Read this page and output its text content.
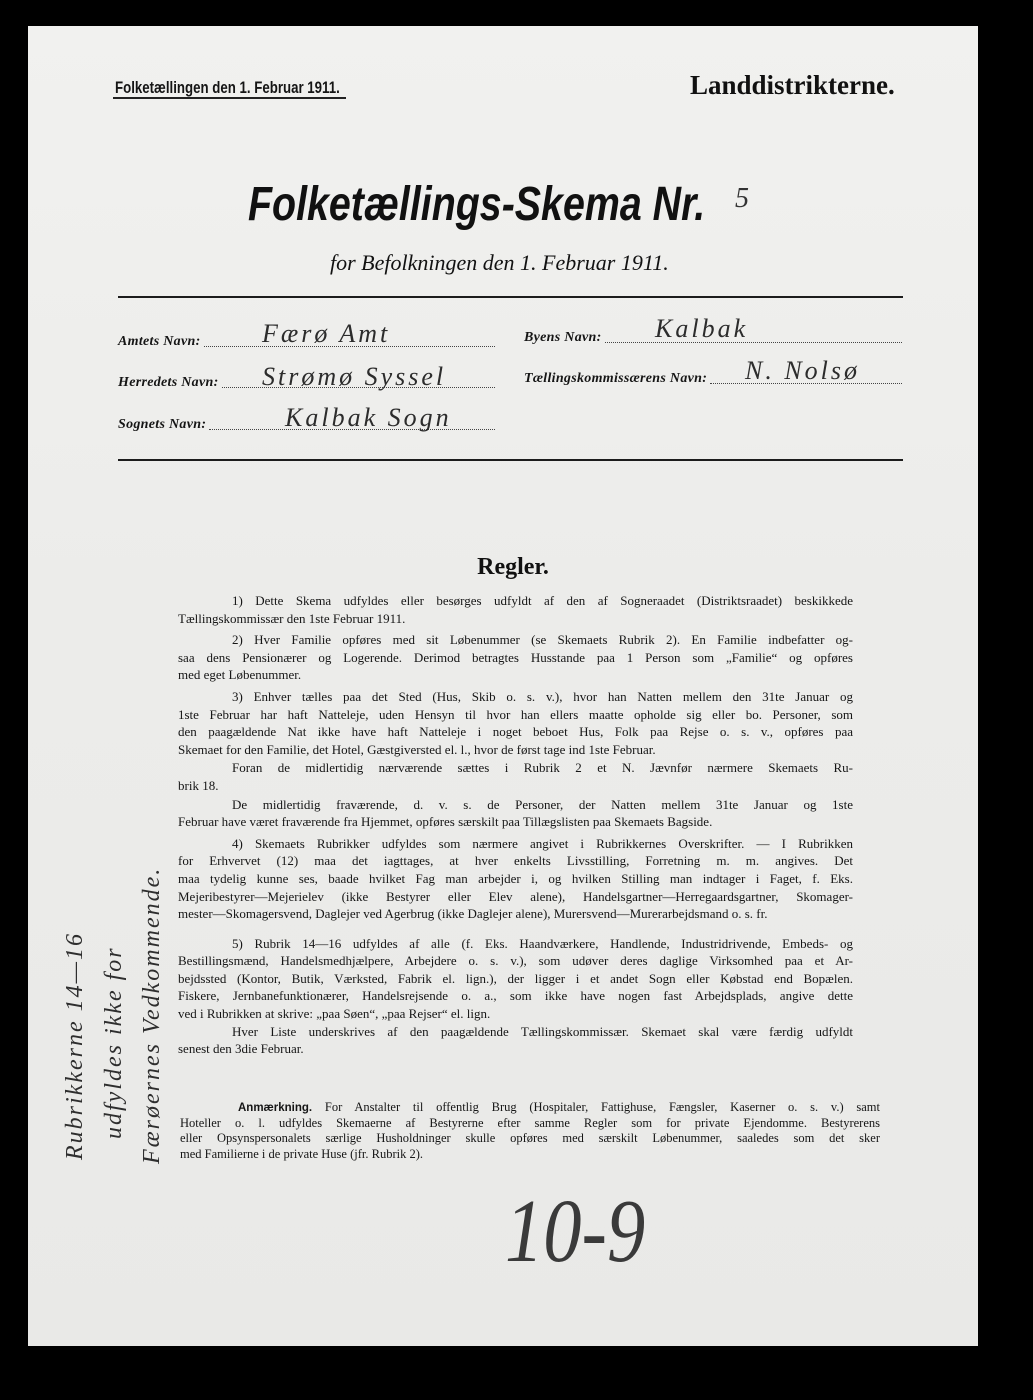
Folketællingen den 1. Februar 1911.	Landdistrikterne.
Folketællings-Skema Nr. 5
for Befolkningen den 1. Februar 1911.
Amtets Navn: Færø Amt
Herredets Navn: Strømø Syssel
Sognets Navn:	Kalbak Sogn
Byens Navn: Kalbak
Tællingskommissærens Navn: N. Nolsø
Regler.
1) Dette Skema udfyldes eller besørges udfyldt af den af Sogneraadet (Distriktsraadet) beskikkede
Tællingskommissær den 1ste Februar 1911.
2) Hver Familie opføres med sit Løbenummer (se Skemaets Rubrik 2). En Familie indbefatter og-
saa dens Pensionærer og Logerende. Derimod betragtes Husstande paa 1 Person som „Familie“ og opføres
med eget Løbenummer.
3) Enhver tælles paa det Sted (Hus, Skib o. s. v.), hvor han Natten mellem den 31te Januar og
1ste Februar har haft Natteleje, uden Hensyn til hvor han ellers maatte opholde sig eller bo. Personer, som
den paagældende Nat ikke have haft Natteleje i noget beboet Hus, Folk paa Rejse o. s. v., opføres paa
Skemaet for den Familie, det Hotel, Gæstgiversted el. l., hvor de først tage ind 1ste Februar.
Foran de midlertidig nærværende sættes i Rubrik 2 et N. Jævnfør nærmere Skemaets Ru-
brik 18.
De midlertidig fraværende, d. v. s. de Personer, der Natten mellem 31te Januar og 1ste
Februar have været fraværende fra Hjemmet, opføres særskilt paa Tillægslisten paa Skemaets Bagside.
4) Skemaets Rubrikker udfyldes som nærmere angivet i Rubrikkernes Overskrifter. — I Rubrikken
for Erhvervet (12) maa det iagttages, at hver enkelts Livsstilling, Forretning m. m. angives. Det
maa tydelig kunne ses, baade hvilket Fag man arbejder i, og hvilken Stilling man indtager i Faget, f. Eks.
Mejeribestyrer—Mejerielev (ikke Bestyrer eller Elev alene), Handelsgartner—Herregaardsgartner, Skomager-
mester—Skomagersvend, Daglejer ved Agerbrug (ikke Daglejer alene), Murersvend—Murerarbejdsmand o. s. fr.
5) Rubrik 14—16 udfyldes af alle (f. Eks. Haandværkere, Handlende, Industridrivende, Embeds- og
Bestillingsmænd, Handelsmedhjælpere, Arbejdere o. s. v.), som udøver deres daglige Virksomhed paa et Ar-
bejdssted (Kontor, Butik, Værksted, Fabrik el. lign.), der ligger i et andet Sogn eller Købstad end Bopælen.
Fiskere, Jernbanefunktionærer, Handelsrejsende o. a., som ikke have nogen fast Arbejdsplads, angive dette
ved i Rubrikken at skrive: „paa Søen“, „paa Rejser“ el. lign.
Hver Liste underskrives af den paagældende Tællingskommissær. Skemaet skal være færdig udfyldt
senest den 3die Februar.
Anmærkning. For Anstalter til offentlig Brug (Hospitaler, Fattighuse, Fængsler, Kaserner o. s. v.) samt
Hoteller o. l. udfyldes Skemaerne af Bestyrerne efter samme Regler som for private Ejendomme. Bestyrerens
eller Opsynspersonalets særlige Husholdninger skulle opføres med særskilt Løbenummer, saaledes som det sker
med Familierne i de private Huse (jfr. Rubrik 2).
Rubrikkerne 14—16 udfyldes ikke for Færøernes Vedkommende.
10-9
